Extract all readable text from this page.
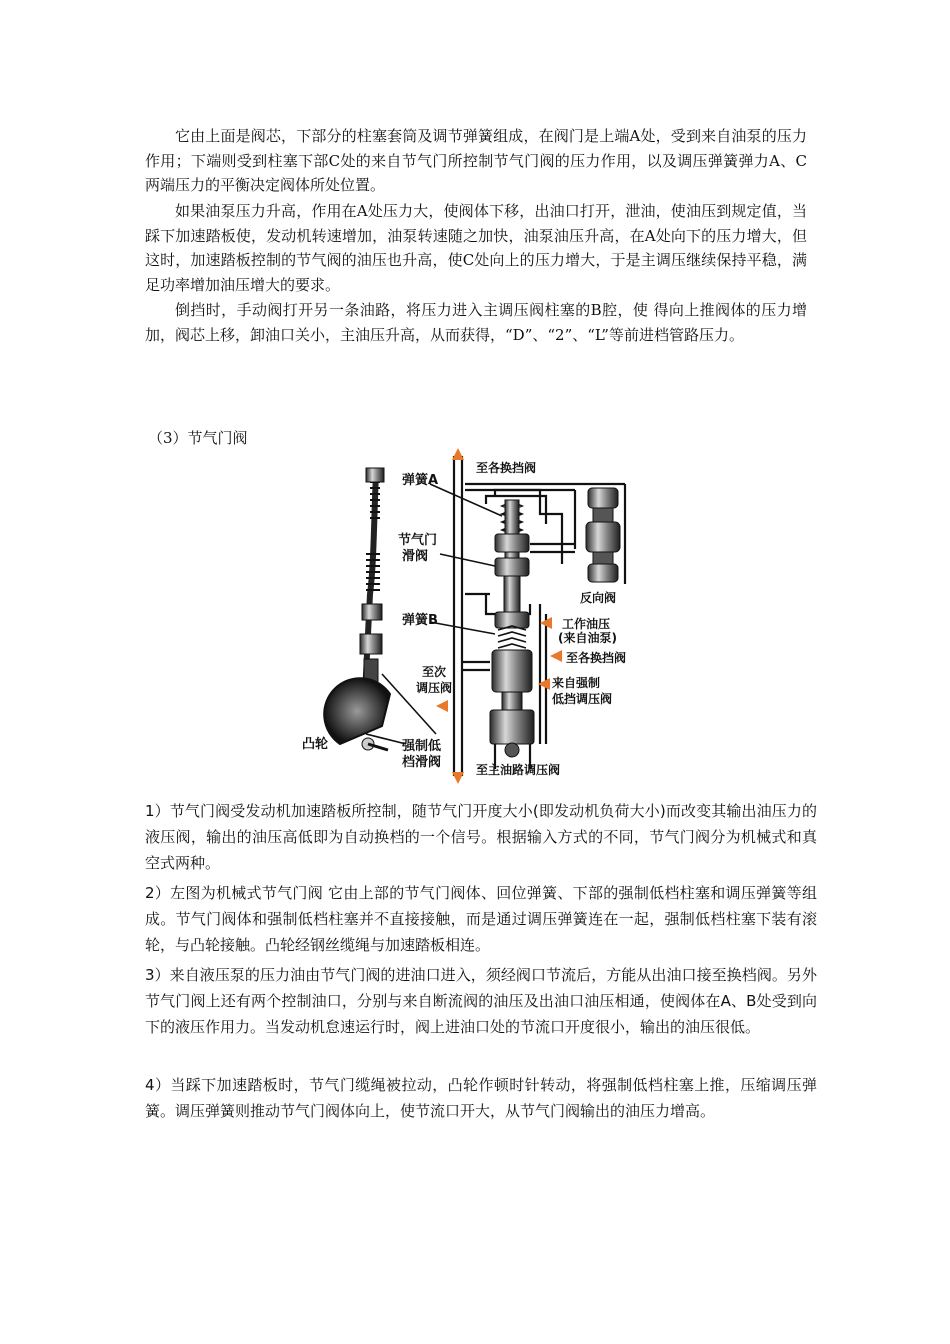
它由上面是阀芯，下部分的柱塞套筒及调节弹簧组成，在阀门是上端A处，受到来自油泵的压力作用；下端则受到柱塞下部C处的来自节气门所控制节气门阀的压力作用，以及调压弹簧弹力A、C两端压力的平衡决定阀体所处位置。

如果油泵压力升高，作用在A处压力大，使阀体下移，出油口打开，泄油，使油压到规定值，当踩下加速踏板使，发动机转速增加，油泵转速随之加快，油泵油压升高，在A处向下的压力增大，但这时，加速踏板控制的节气阀的油压也升高，使C处向上的压力增大，于是主调压继续保持平稳，满足功率增加油压增大的要求。

倒挡时，手动阀打开另一条油路，将压力进入主调压阀柱塞的B腔，使 得向上推阀体的压力增加，阀芯上移，卸油口关小，主油压升高，从而获得，“D”、“2”、“L”等前进档管路压力。

（3）节气门阀

弹簧A
节气门 滑阀
弹簧B
凸轮	强制低 档滑阀
至各换挡阀
反向阀
工作油压 (来自油泵)
至各换挡阀
至次 调压阀	来自强制 低挡调压阀
至主油路调压阀

1）节气门阀受发动机加速踏板所控制，随节气门开度大小(即发动机负荷大小)而改变其输出油压力的液压阀，输出的油压高低即为自动换档的一个信号。根据输入方式的不同，节气门阀分为机械式和真空式两种。

2）左图为机械式节气门阀 它由上部的节气门阀体、回位弹簧、下部的强制低档柱塞和调压弹簧等组成。节气门阀体和强制低档柱塞并不直接接触，而是通过调压弹簧连在一起，强制低档柱塞下装有滚轮，与凸轮接触。凸轮经钢丝缆绳与加速踏板相连。

3）来自液压泵的压力油由节气门阀的进油口进入，须经阀口节流后，方能从出油口接至换档阀。另外节气门阀上还有两个控制油口，分别与来自断流阀的油压及出油口油压相通，使阀体在A、B处受到向下的液压作用力。当发动机怠速运行时，阀上进油口处的节流口开度很小，输出的油压很低。

4）当踩下加速踏板时，节气门缆绳被拉动，凸轮作顿时针转动，将强制低档柱塞上推，压缩调压弹簧。调压弹簧则推动节气门阀体向上，使节流口开大，从节气门阀输出的油压力增高。
